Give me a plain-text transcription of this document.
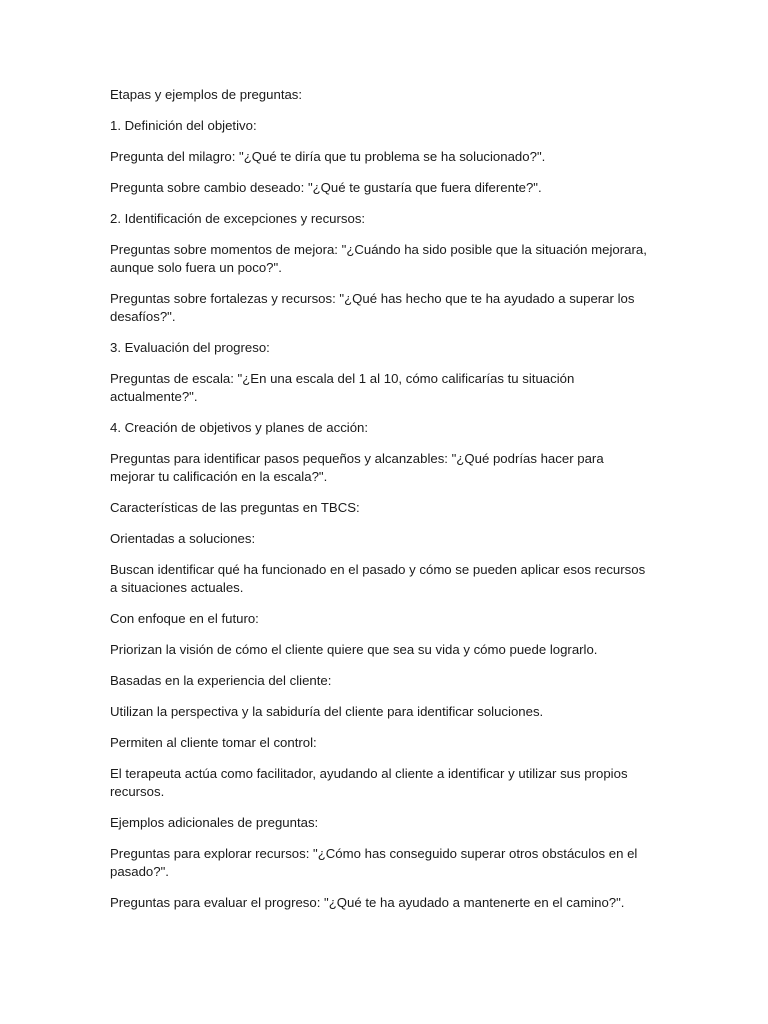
Etapas y ejemplos de preguntas:

1. Definición del objetivo:

Pregunta del milagro: "¿Qué te diría que tu problema se ha solucionado?".

Pregunta sobre cambio deseado: "¿Qué te gustaría que fuera diferente?".

2. Identificación de excepciones y recursos:

Preguntas sobre momentos de mejora: "¿Cuándo ha sido posible que la situación mejorara, aunque solo fuera un poco?".

Preguntas sobre fortalezas y recursos: "¿Qué has hecho que te ha ayudado a superar los desafíos?".

3. Evaluación del progreso:

Preguntas de escala: "¿En una escala del 1 al 10, cómo calificarías tu situación actualmente?".

4. Creación de objetivos y planes de acción:

Preguntas para identificar pasos pequeños y alcanzables: "¿Qué podrías hacer para mejorar tu calificación en la escala?".

Características de las preguntas en TBCS:

Orientadas a soluciones:

Buscan identificar qué ha funcionado en el pasado y cómo se pueden aplicar esos recursos a situaciones actuales.

Con enfoque en el futuro:

Priorizan la visión de cómo el cliente quiere que sea su vida y cómo puede lograrlo.

Basadas en la experiencia del cliente:

Utilizan la perspectiva y la sabiduría del cliente para identificar soluciones.

Permiten al cliente tomar el control:

El terapeuta actúa como facilitador, ayudando al cliente a identificar y utilizar sus propios recursos.

Ejemplos adicionales de preguntas:

Preguntas para explorar recursos: "¿Cómo has conseguido superar otros obstáculos en el pasado?".

Preguntas para evaluar el progreso: "¿Qué te ha ayudado a mantenerte en el camino?".
